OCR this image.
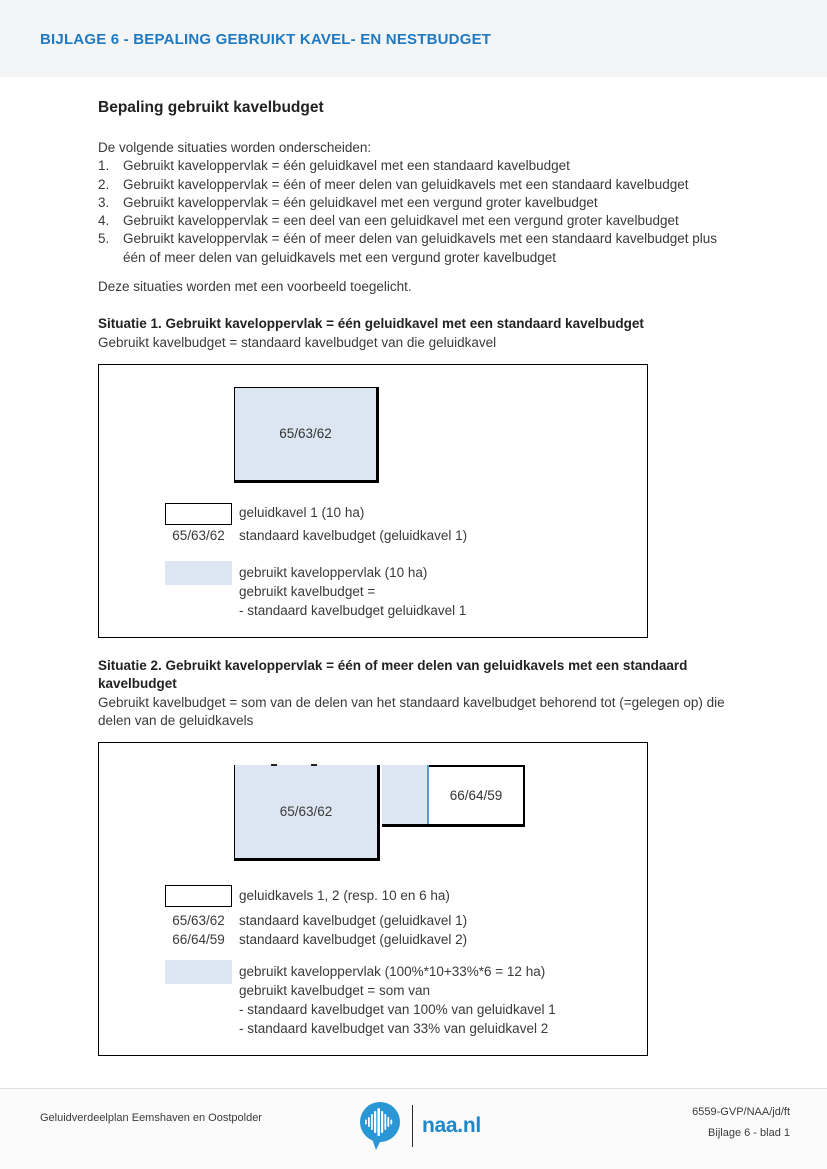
BIJLAGE 6 - BEPALING GEBRUIKT KAVEL- EN NESTBUDGET
Bepaling gebruikt kavelbudget
De volgende situaties worden onderscheiden:
1.	Gebruikt kaveloppervlak = één geluidkavel met een standaard kavelbudget
2.	Gebruikt kaveloppervlak = één of meer delen van geluidkavels met een standaard kavelbudget
3.	Gebruikt kaveloppervlak = één geluidkavel met een vergund groter kavelbudget
4.	Gebruikt kaveloppervlak = een deel van een geluidkavel met een vergund groter kavelbudget
5.	Gebruikt kaveloppervlak = één of meer delen van geluidkavels met een standaard kavelbudget plus één of meer delen van geluidkavels met een vergund groter kavelbudget
Deze situaties worden met een voorbeeld toegelicht.
Situatie 1. Gebruikt kaveloppervlak = één geluidkavel met een standaard kavelbudget
Gebruikt kavelbudget = standaard kavelbudget van die geluidkavel
65/63/62
geluidkavel 1 (10 ha)
65/63/62	standaard kavelbudget (geluidkavel 1)
gebruikt kaveloppervlak (10 ha)
gebruikt kavelbudget =
- standaard kavelbudget geluidkavel 1
Situatie 2. Gebruikt kaveloppervlak = één of meer delen van geluidkavels met een standaard kavelbudget
Gebruikt kavelbudget = som van de delen van het standaard kavelbudget behorend tot (=gelegen op) die delen van de geluidkavels
65/63/62
66/64/59
geluidkavels 1, 2 (resp. 10 en 6 ha)
65/63/62	standaard kavelbudget (geluidkavel 1)
66/64/59	standaard kavelbudget (geluidkavel 2)
gebruikt kaveloppervlak (100%*10+33%*6 = 12 ha)
gebruikt kavelbudget = som van
- standaard kavelbudget van 100% van geluidkavel 1
- standaard kavelbudget van 33% van geluidkavel 2
Geluidverdeelplan Eemshaven en Oostpolder	naa.nl
6559-GVP/NAA/jd/ft
Bijlage 6 - blad 1
